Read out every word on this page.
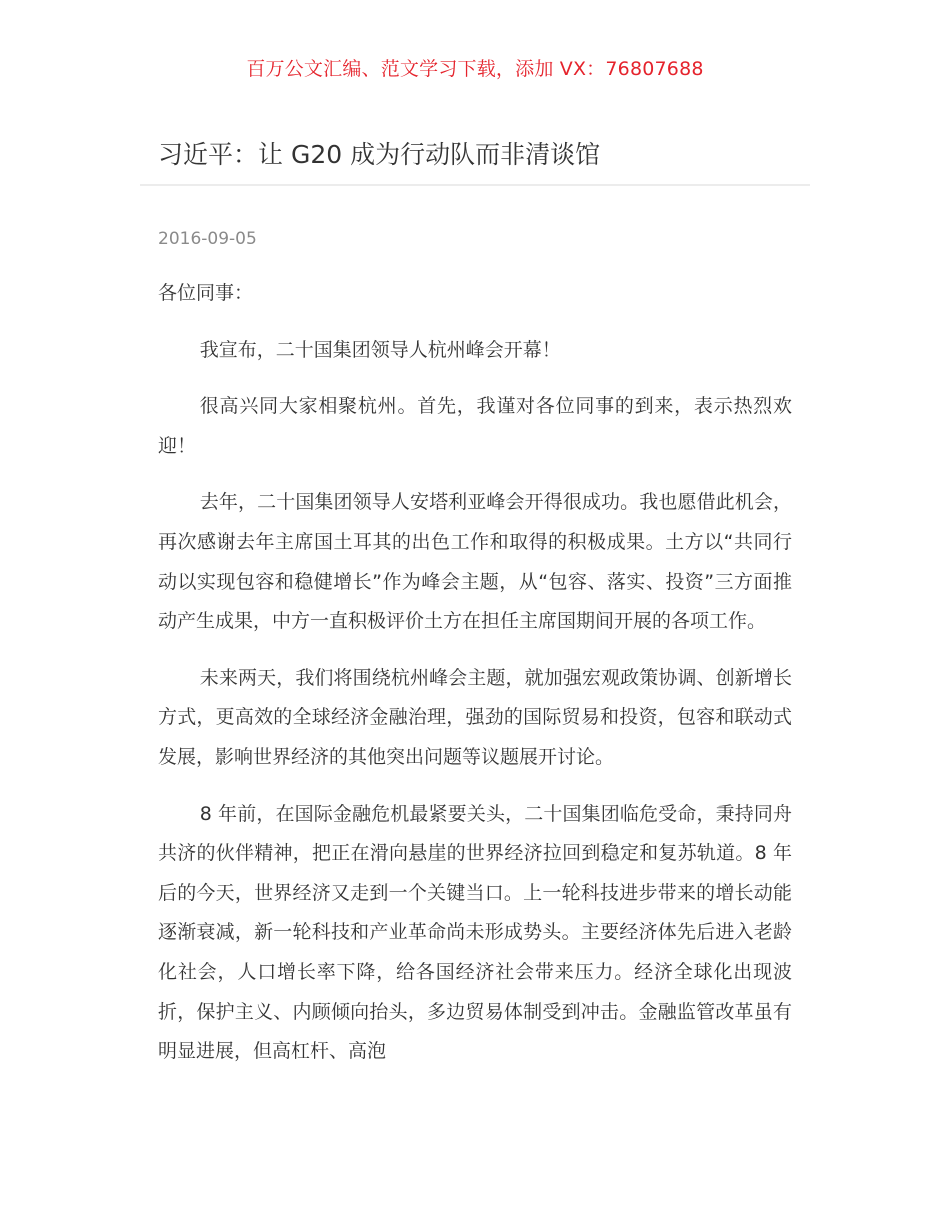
百万公文汇编、范文学习下载，添加 VX：76807688
习近平：让 G20 成为行动队而非清谈馆
2016-09-05

各位同事：

我宣布，二十国集团领导人杭州峰会开幕！

很高兴同大家相聚杭州。首先，我谨对各位同事的到来，表示热烈欢迎！

去年，二十国集团领导人安塔利亚峰会开得很成功。我也愿借此机会，再次感谢去年主席国土耳其的出色工作和取得的积极成果。土方以“共同行动以实现包容和稳健增长”作为峰会主题，从“包容、落实、投资”三方面推动产生成果，中方一直积极评价土方在担任主席国期间开展的各项工作。

未来两天，我们将围绕杭州峰会主题，就加强宏观政策协调、创新增长方式，更高效的全球经济金融治理，强劲的国际贸易和投资，包容和联动式发展，影响世界经济的其他突出问题等议题展开讨论。

8 年前，在国际金融危机最紧要关头，二十国集团临危受命，秉持同舟共济的伙伴精神，把正在滑向悬崖的世界经济拉回到稳定和复苏轨道。8 年后的今天，世界经济又走到一个关键当口。上一轮科技进步带来的增长动能逐渐衰减，新一轮科技和产业革命尚未形成势头。主要经济体先后进入老龄化社会，人口增长率下降，给各国经济社会带来压力。经济全球化出现波折，保护主义、内顾倾向抬头，多边贸易体制受到冲击。金融监管改革虽有明显进展，但高杠杆、高泡
